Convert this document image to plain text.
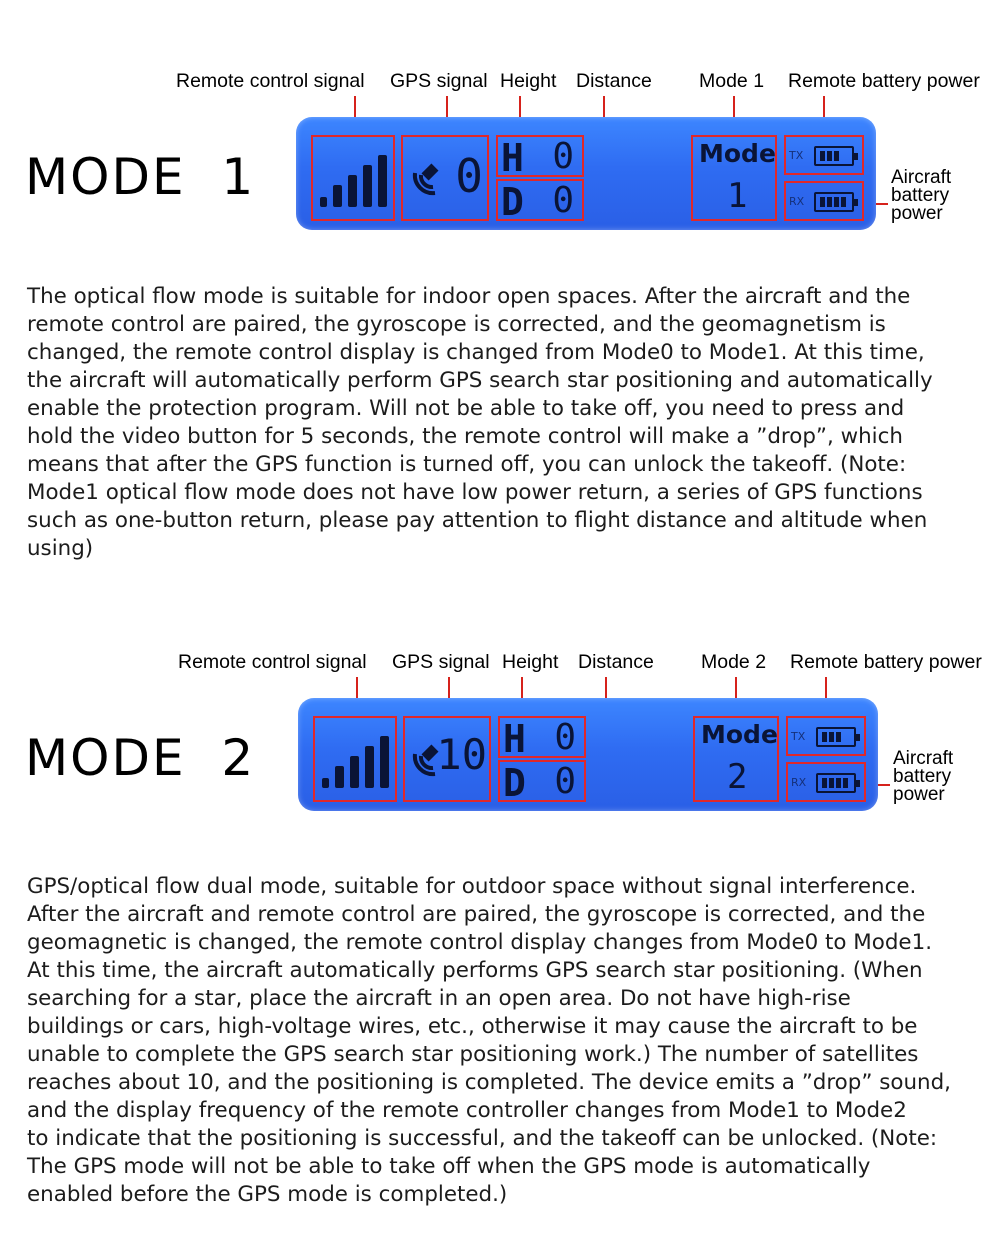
Remote control signal GPS signal Height Distance Mode 1 Remote battery power
MODE  1	0 H 0
D 0
Mode
1
TX
RX
Aircraft battery power
The optical flow mode is suitable for indoor open spaces. After the aircraft and the
remote control are paired, the gyroscope is corrected, and the geomagnetism is
changed, the remote control display is changed from Mode0 to Mode1. At this time,
the aircraft will automatically perform GPS search star positioning and automatically
enable the protection program. Will not be able to take off, you need to press and
hold the video button for 5 seconds, the remote control will make a ”drop”, which
means that after the GPS function is turned off, you can unlock the takeoff. (Note:
Mode1 optical flow mode does not have low power return, a series of GPS functions
such as one-button return, please pay attention to flight distance and altitude when
using)
Remote control signal GPS signal Height Distance Mode 2 Remote battery power
MODE  2	10 H 0
D 0
Mode
2
TX
RX
Aircraft battery power
GPS/optical flow dual mode, suitable for outdoor space without signal interference.
After the aircraft and remote control are paired, the gyroscope is corrected, and the
geomagnetic is changed, the remote control display changes from Mode0 to Mode1.
At this time, the aircraft automatically performs GPS search star positioning. (When
searching for a star, place the aircraft in an open area. Do not have high-rise
buildings or cars, high-voltage wires, etc., otherwise it may cause the aircraft to be
unable to complete the GPS search star positioning work.) The number of satellites
reaches about 10, and the positioning is completed. The device emits a ”drop” sound,
and the display frequency of the remote controller changes from Mode1 to Mode2
to indicate that the positioning is successful, and the takeoff can be unlocked. (Note:
The GPS mode will not be able to take off when the GPS mode is automatically
enabled before the GPS mode is completed.)
